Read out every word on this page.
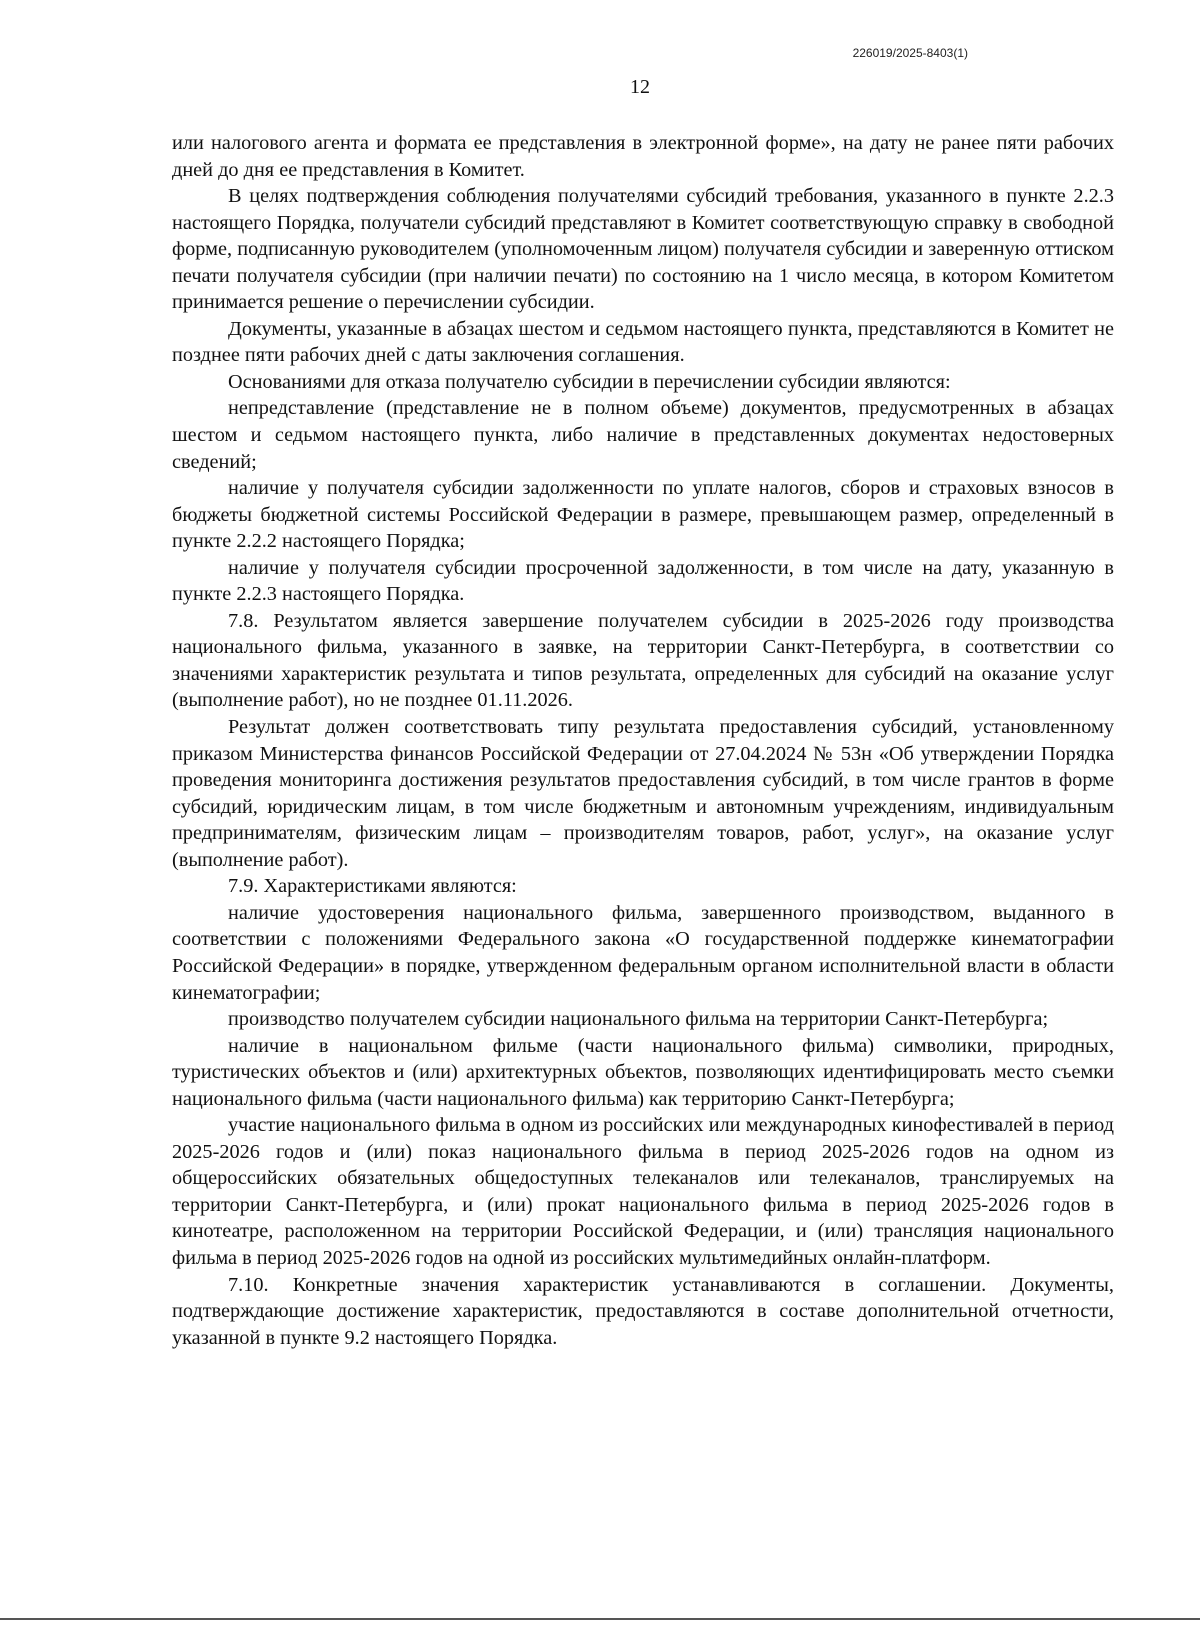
226019/2025-8403(1)
12

или налогового агента и формата ее представления в электронной форме», на дату не ранее пяти рабочих дней до дня ее представления в Комитет.

В целях подтверждения соблюдения получателями субсидий требования, указанного в пункте 2.2.3 настоящего Порядка, получатели субсидий представляют в Комитет соответствующую справку в свободной форме, подписанную руководителем (уполномоченным лицом) получателя субсидии и заверенную оттиском печати получателя субсидии (при наличии печати) по состоянию на 1 число месяца, в котором Комитетом принимается решение о перечислении субсидии.

Документы, указанные в абзацах шестом и седьмом настоящего пункта, представляются в Комитет не позднее пяти рабочих дней с даты заключения соглашения.

Основаниями для отказа получателю субсидии в перечислении субсидии являются:

непредставление (представление не в полном объеме) документов, предусмотренных в абзацах шестом и седьмом настоящего пункта, либо наличие в представленных документах недостоверных сведений;

наличие у получателя субсидии задолженности по уплате налогов, сборов и страховых взносов в бюджеты бюджетной системы Российской Федерации в размере, превышающем размер, определенный в пункте 2.2.2 настоящего Порядка;

наличие у получателя субсидии просроченной задолженности, в том числе на дату, указанную в пункте 2.2.3 настоящего Порядка.

7.8. Результатом является завершение получателем субсидии в 2025-2026 году производства национального фильма, указанного в заявке, на территории Санкт-Петербурга, в соответствии со значениями характеристик результата и типов результата, определенных для субсидий на оказание услуг (выполнение работ), но не позднее 01.11.2026.

Результат должен соответствовать типу результата предоставления субсидий, установленному приказом Министерства финансов Российской Федерации от 27.04.2024 № 53н «Об утверждении Порядка проведения мониторинга достижения результатов предоставления субсидий, в том числе грантов в форме субсидий, юридическим лицам, в том числе бюджетным и автономным учреждениям, индивидуальным предпринимателям, физическим лицам – производителям товаров, работ, услуг», на оказание услуг (выполнение работ).

7.9. Характеристиками являются:

наличие удостоверения национального фильма, завершенного производством, выданного в соответствии с положениями Федерального закона «О государственной поддержке кинематографии Российской Федерации» в порядке, утвержденном федеральным органом исполнительной власти в области кинематографии;

производство получателем субсидии национального фильма на территории Санкт-Петербурга;

наличие в национальном фильме (части национального фильма) символики, природных, туристических объектов и (или) архитектурных объектов, позволяющих идентифицировать место съемки национального фильма (части национального фильма) как территорию Санкт-Петербурга;

участие национального фильма в одном из российских или международных кинофестивалей в период 2025-2026 годов и (или) показ национального фильма в период 2025-2026 годов на одном из общероссийских обязательных общедоступных телеканалов или телеканалов, транслируемых на территории Санкт-Петербурга, и (или) прокат национального фильма в период 2025-2026 годов в кинотеатре, расположенном на территории Российской Федерации, и (или) трансляция национального фильма в период 2025-2026 годов на одной из российских мультимедийных онлайн-платформ.

7.10. Конкретные значения характеристик устанавливаются в соглашении. Документы, подтверждающие достижение характеристик, предоставляются в составе дополнительной отчетности, указанной в пункте 9.2 настоящего Порядка.
